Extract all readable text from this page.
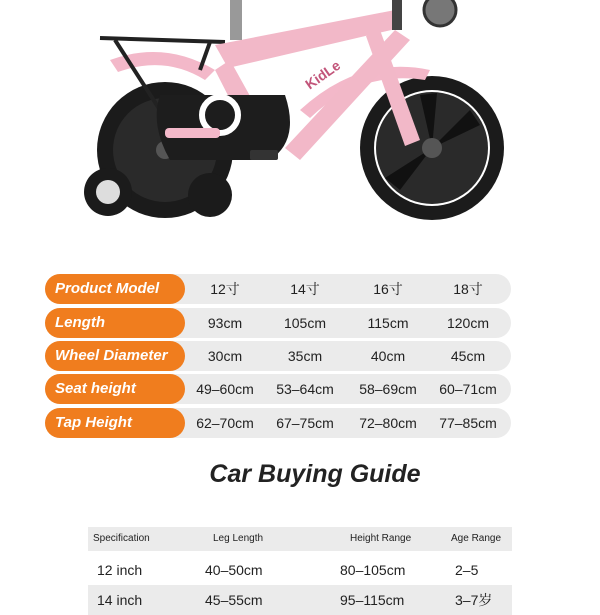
KidLe
Product Model	12寸	14寸	16寸	18寸
Length	93cm	105cm	115cm	120cm
Wheel Diameter	30cm	35cm	40cm	45cm
Seat height	49–60cm	53–64cm	58–69cm	60–71cm
Tap Height	62–70cm	67–75cm	72–80cm	77–85cm
Car Buying Guide
Specification	Leg Length	Height Range	Age Range
12 inch	40–50cm	80–105cm	2–5
14 inch	45–55cm	95–115cm	3–7岁
